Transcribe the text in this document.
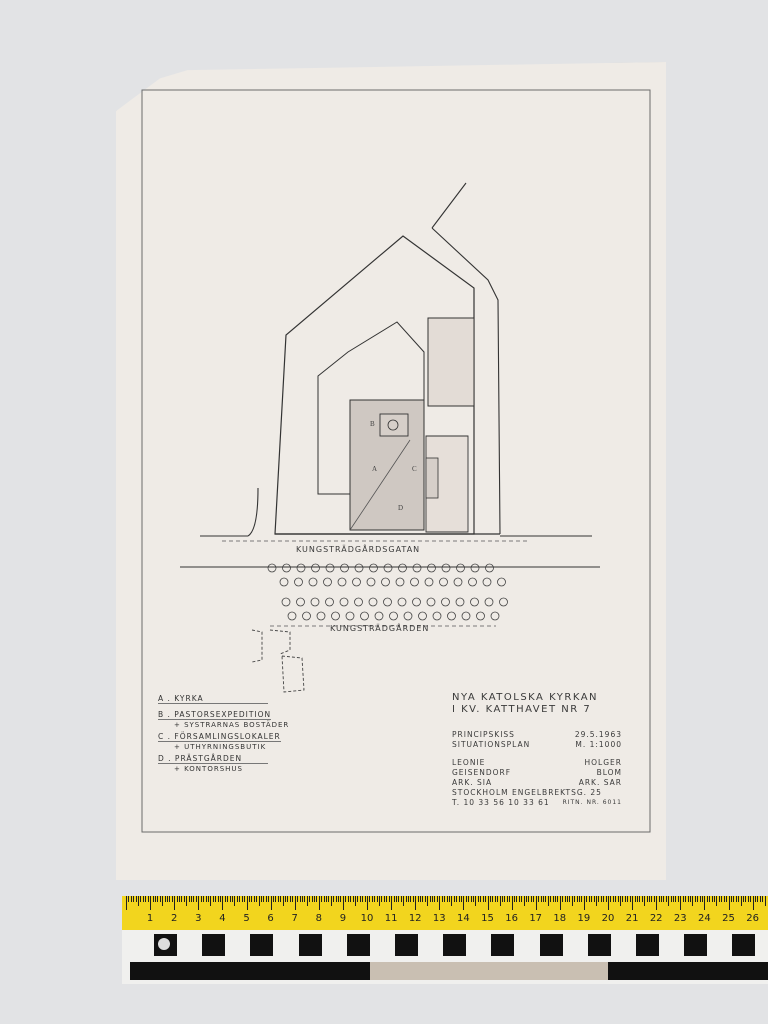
KUNGSTRÄDGÅRDSGATAN
KUNGSTRÄDGÅRDEN
A
B
C
D
A . KYRKA
B . PASTORSEXPEDITION
+ SYSTRARNAS BOSTÄDER
C . FÖRSAMLINGSLOKALER
+ UTHYRNINGSBUTIK
D . PRÄSTGÅRDEN
+ KONTORSHUS
NYA KATOLSKA KYRKAN
I KV. KATTHAVET NR 7
PRINCIPSKISS	29.5.1963
SITUATIONSPLAN	M. 1:1000
LEONIE	HOLGER
GEISENDORF	BLOM
ARK. SIA	ARK. SAR
STOCKHOLM ENGELBREKTSG. 25
T. 10 33 56 10 33 61 RITN. NR. 6011
1 2 3 4 5 6 7 8 9 10 11 12 13 14 15 16 17 18 19 20 21 22 23 24 25 26
